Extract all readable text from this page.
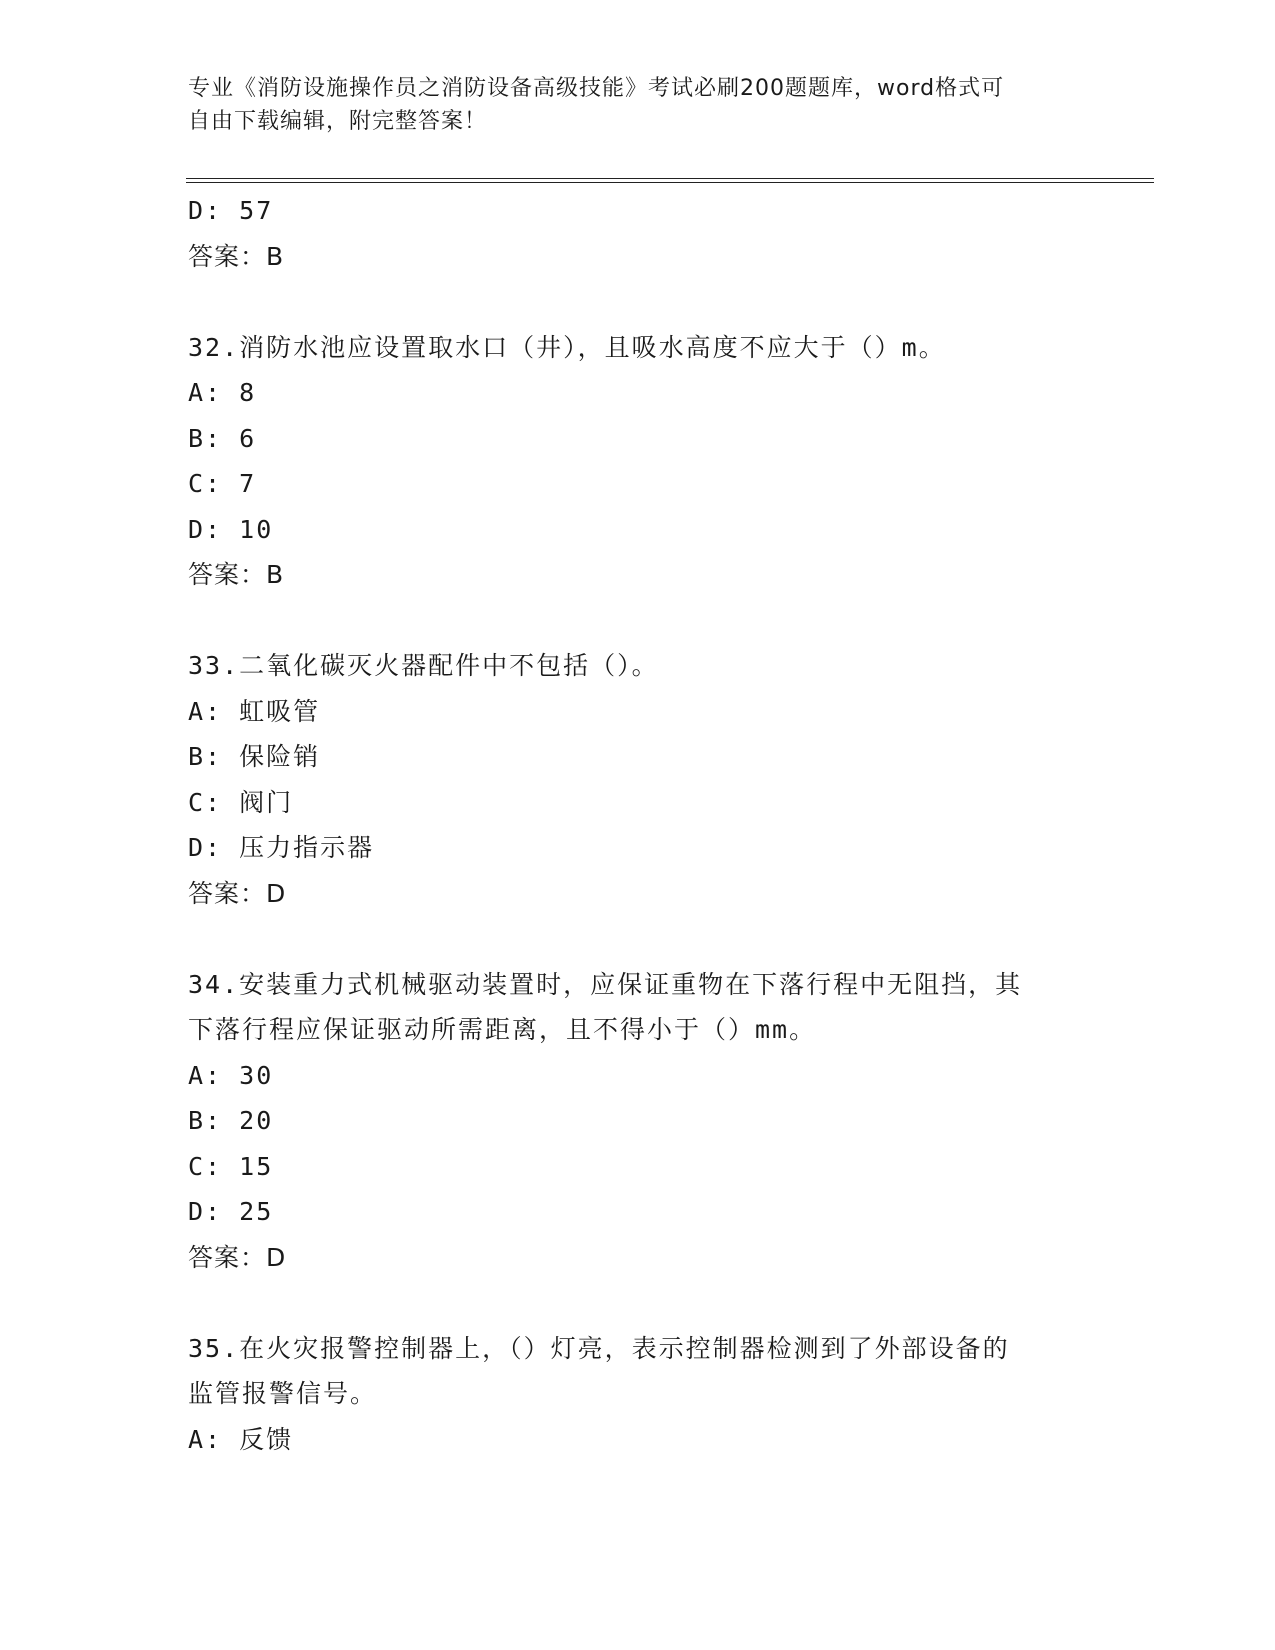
专业《消防设施操作员之消防设备高级技能》考试必刷200题题库，word格式可
自由下载编辑，附完整答案！
D: 57
答案：B
32.消防水池应设置取水口（井），且吸水高度不应大于（）m。
A: 8
B: 6
C: 7
D: 10
答案：B
33.二氧化碳灭火器配件中不包括（）。
A: 虹吸管
B: 保险销
C: 阀门
D: 压力指示器
答案：D
34.安装重力式机械驱动装置时，应保证重物在下落行程中无阻挡，其
下落行程应保证驱动所需距离，且不得小于（）mm。
A: 30
B: 20
C: 15
D: 25
答案：D
35.在火灾报警控制器上，（）灯亮，表示控制器检测到了外部设备的
监管报警信号。
A: 反馈
